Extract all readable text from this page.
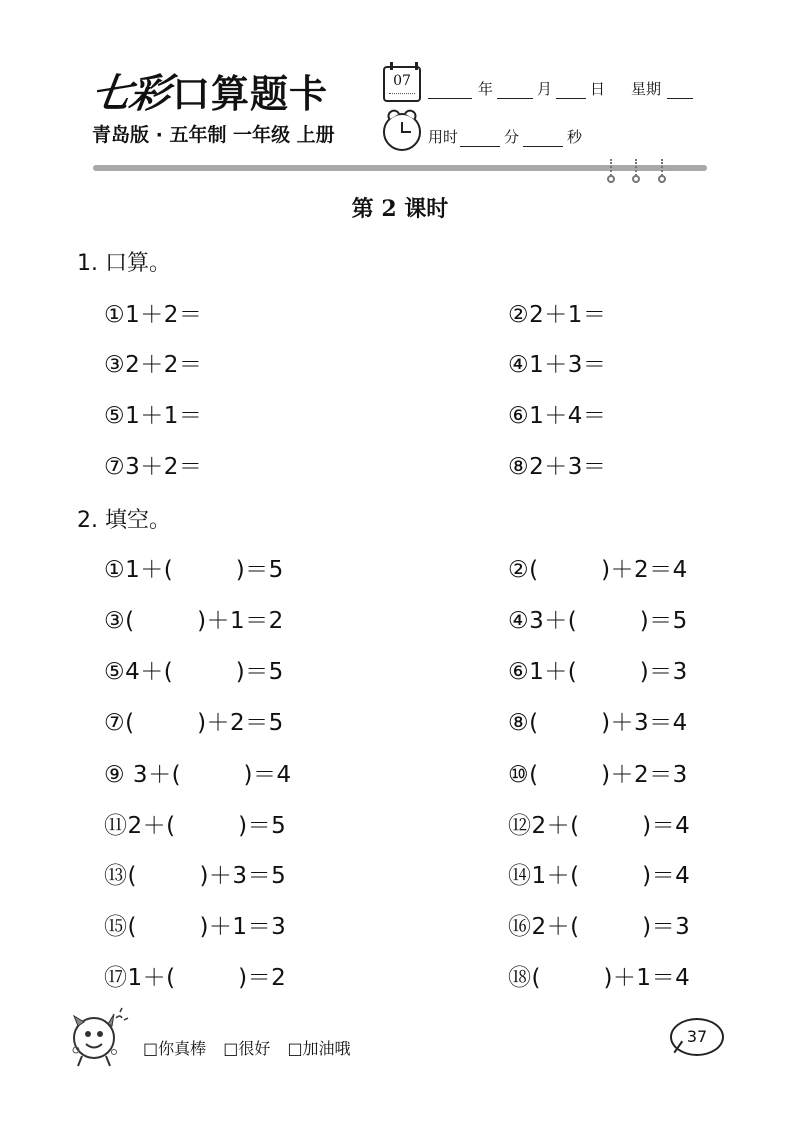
七彩 口算题卡	07	年	月	日 星期
青岛版 · 五年制 一年级 上册	用时	分	秒
第 2 课时
1. 口算。
①1＋2＝	②2＋1＝
③2＋2＝	④1＋3＝
⑤1＋1＝	⑥1＋4＝
⑦3＋2＝	⑧2＋3＝
2. 填空。
①1＋(        )＝5	②(        )＋2＝4
③(        )＋1＝2	④3＋(        )＝5
⑤4＋(        )＝5	⑥1＋(        )＝3
⑦(        )＋2＝5	⑧(        )＋3＝4
⑨ 3＋(        )＝4	⑩(        )＋2＝3
⑪2＋(        )＝5	⑫2＋(        )＝4
⑬(        )＋3＝5	⑭1＋(        )＝4
⑮(        )＋1＝3	⑯2＋(        )＝3
⑰1＋(        )＝2	⑱(        )＋1＝4
□你真棒 □很好 □加油哦
37
